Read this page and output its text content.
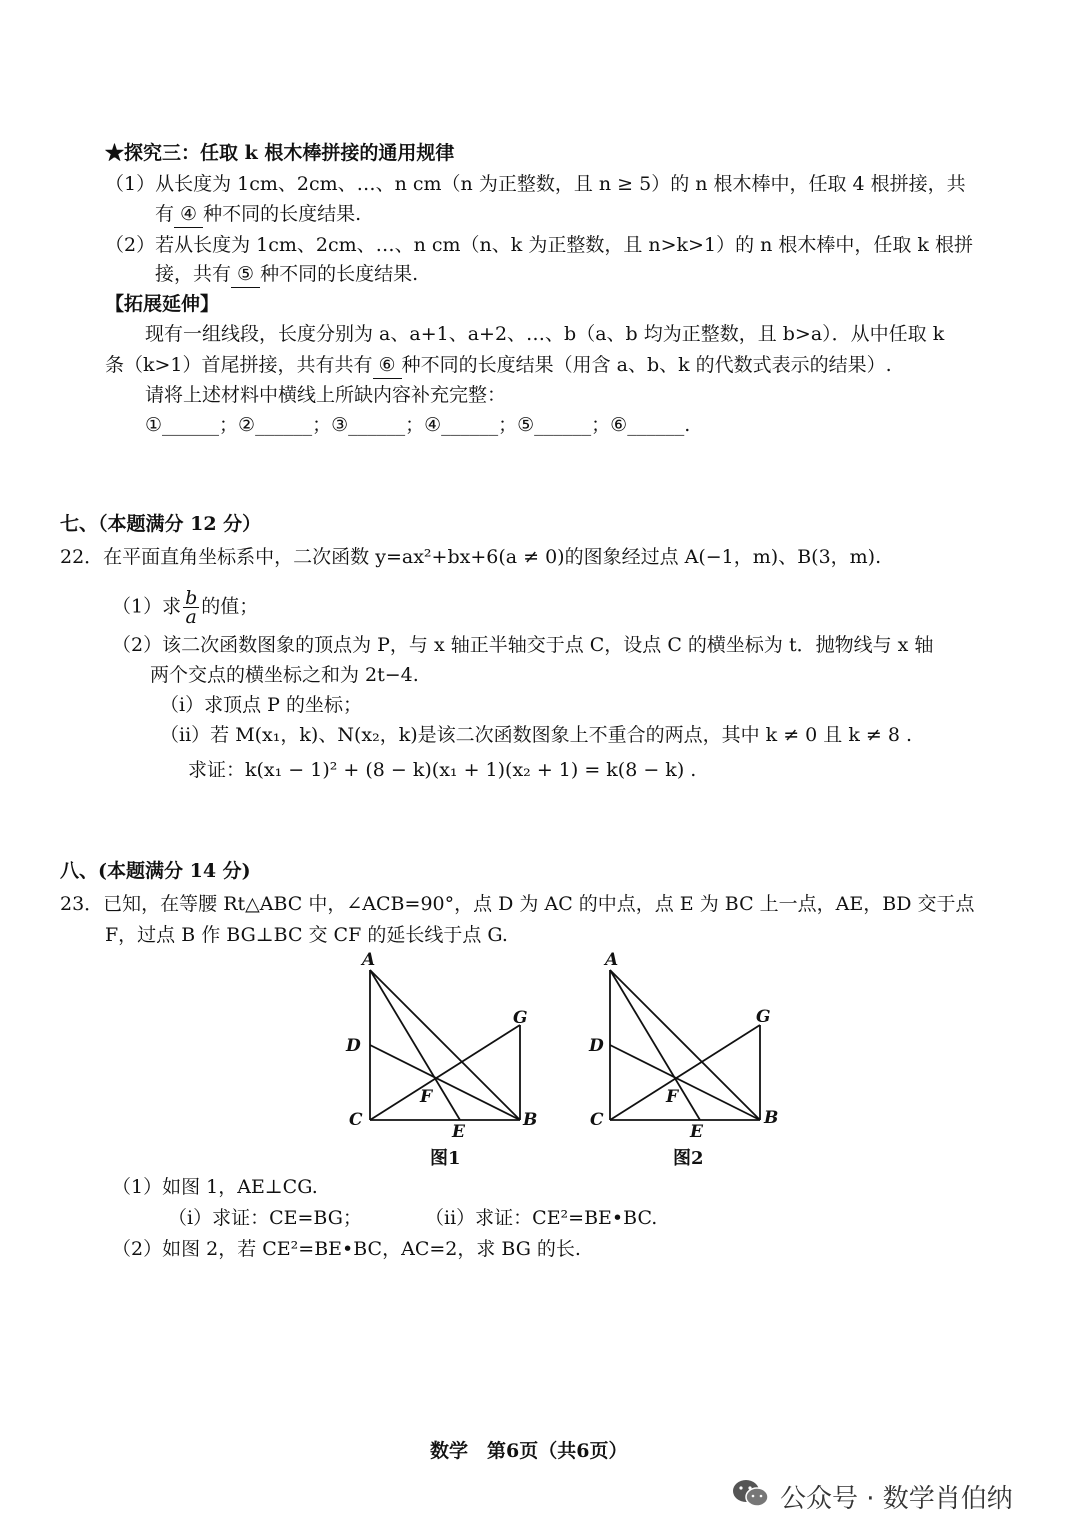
★探究三：任取 k 根木棒拼接的通用规律
（1）从长度为 1cm、2cm、…、n cm（n 为正整数，且 n ≥ 5）的 n 根木棒中，任取 4 根拼接，共
有 ④ 种不同的长度结果.
（2）若从长度为 1cm、2cm、…、n cm（n、k 为正整数，且 n>k>1）的 n 根木棒中，任取 k 根拼
接，共有 ⑤ 种不同的长度结果.
【拓展延伸】
现有一组线段，长度分别为 a、a+1、a+2、…、b（a、b 均为正整数，且 b>a）．从中任取 k
条（k>1）首尾拼接，共有共有 ⑥ 种不同的长度结果（用含 a、b、k 的代数式表示的结果）.
请将上述材料中横线上所缺内容补充完整：
①______；②______；③______；④______；⑤______；⑥______.
七、（本题满分 12 分）
22．在平面直角坐标系中，二次函数 y=ax²+bx+6(a ≠ 0)的图象经过点 A(−1，m)、B(3，m).
（1）求 $\frac{b}{a}$ 的值；
（2）该二次函数图象的顶点为 P，与 x 轴正半轴交于点 C，设点 C 的横坐标为 t．抛物线与 x 轴
两个交点的横坐标之和为 2t−4.
（i）求顶点 P 的坐标；
（ii）若 M(x₁，k)、N(x₂，k)是该二次函数图象上不重合的两点，其中 k ≠ 0 且 k ≠ 8 .
求证：k(x₁ − 1)² + (8 − k)(x₁ + 1)(x₂ + 1) = k(8 − k) .
八、(本题满分 14 分)
23．已知，在等腰 Rt△ABC 中，∠ACB=90°，点 D 为 AC 的中点，点 E 为 BC 上一点，AE，BD 交于点
F，过点 B 作 BG⊥BC 交 CF 的延长线于点 G.
A
D
C
E
B
G
F
图1
A
D
C
E
B
G
F
图2
（1）如图 1，AE⊥CG.
（i）求证：CE=BG；	（ii）求证：CE²=BE•BC.
（2）如图 2，若 CE²=BE•BC，AC=2，求 BG 的长.
数学　第6页（共6页）
公众号 · 数学肖伯纳
